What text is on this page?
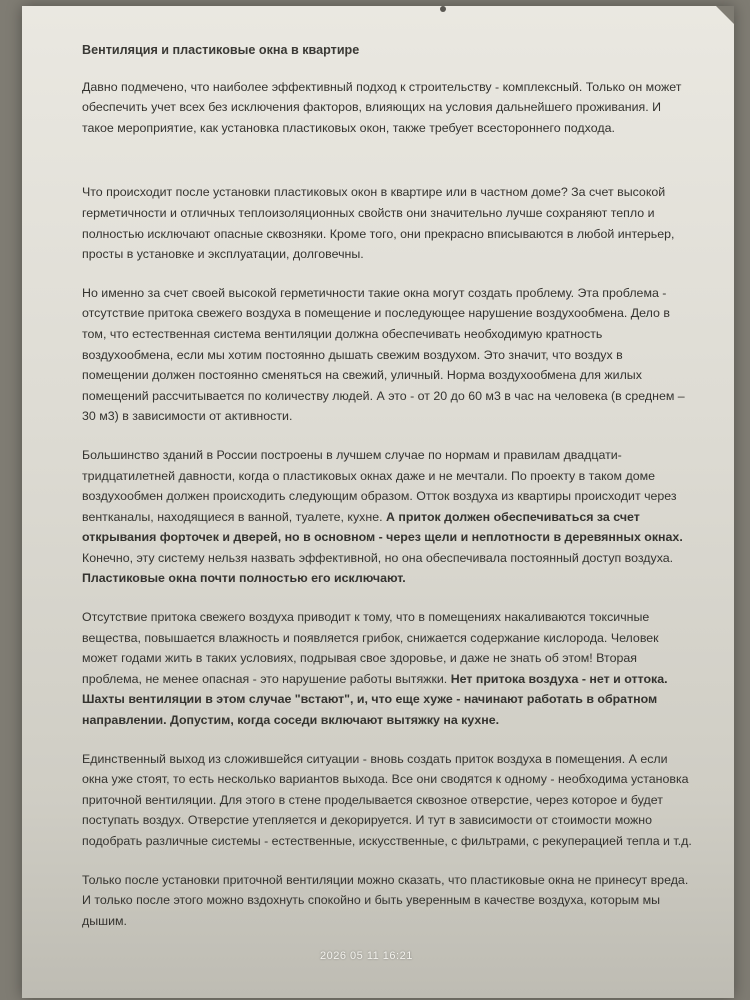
Вентиляция и пластиковые окна в квартире

Давно подмечено, что наиболее эффективный подход к строительству - комплексный. Только он может обеспечить учет всех без исключения факторов, влияющих на условия дальнейшего проживания. И такое мероприятие, как установка пластиковых окон, также требует всестороннего подхода.

Что происходит после установки пластиковых окон в квартире или в частном доме? За счет высокой герметичности и отличных теплоизоляционных свойств они значительно лучше сохраняют тепло и полностью исключают опасные сквозняки. Кроме того, они прекрасно вписываются в любой интерьер, просты в установке и эксплуатации, долговечны.

Но именно за счет своей высокой герметичности такие окна могут создать проблему. Эта проблема - отсутствие притока свежего воздуха в помещение и последующее нарушение воздухообмена. Дело в том, что естественная система вентиляции должна обеспечивать необходимую кратность воздухообмена, если мы хотим постоянно дышать свежим воздухом. Это значит, что воздух в помещении должен постоянно сменяться на свежий, уличный. Норма воздухообмена для жилых помещений рассчитывается по количеству людей. А это - от 20 до 60 м3 в час на человека (в среднем – 30 м3) в зависимости от активности.

Большинство зданий в России построены в лучшем случае по нормам и правилам двадцати-тридцатилетней давности, когда о пластиковых окнах даже и не мечтали. По проекту в таком доме воздухообмен должен происходить следующим образом. Отток воздуха из квартиры происходит через вентканалы, находящиеся в ванной, туалете, кухне. А приток должен обеспечиваться за счет открывания форточек и дверей, но в основном - через щели и неплотности в деревянных окнах. Конечно, эту систему нельзя назвать эффективной, но она обеспечивала постоянный доступ воздуха. Пластиковые окна почти полностью его исключают.

Отсутствие притока свежего воздуха приводит к тому, что в помещениях накаливаются токсичные вещества, повышается влажность и появляется грибок, снижается содержание кислорода. Человек может годами жить в таких условиях, подрывая свое здоровье, и даже не знать об этом! Вторая проблема, не менее опасная - это нарушение работы вытяжки. Нет притока воздуха - нет и оттока. Шахты вентиляции в этом случае "встают", и, что еще хуже - начинают работать в обратном направлении. Допустим, когда соседи включают вытяжку на кухне.

Единственный выход из сложившейся ситуации - вновь создать приток воздуха в помещения. А если окна уже стоят, то есть несколько вариантов выхода. Все они сводятся к одному - необходима установка приточной вентиляции. Для этого в стене проделывается сквозное отверстие, через которое и будет поступать воздух. Отверстие утепляется и декорируется. И тут в зависимости от стоимости можно подобрать различные системы - естественные, искусственные, с фильтрами, с рекуперацией тепла и т.д.

Только после установки приточной вентиляции можно сказать, что пластиковые окна не принесут вреда. И только после этого можно вздохнуть спокойно и быть уверенным в качестве воздуха, которым мы дышим.

2026 05 11 16:21
